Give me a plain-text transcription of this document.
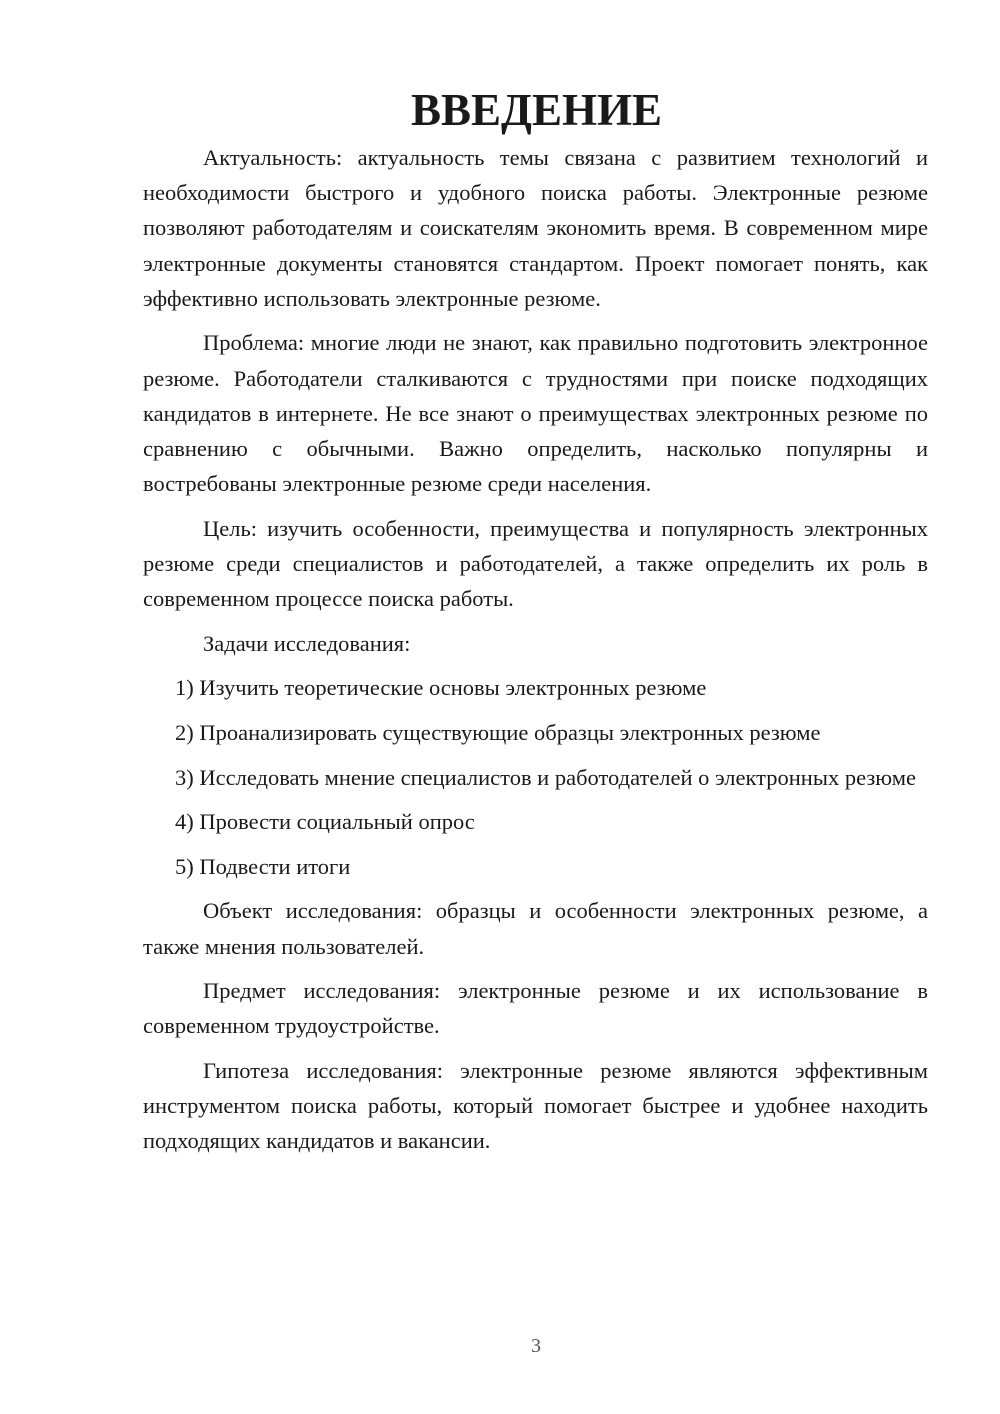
ВВЕДЕНИЕ

Актуальность: актуальность темы связана с развитием технологий и необходимости быстрого и удобного поиска работы. Электронные резюме позволяют работодателям и соискателям экономить время. В современном мире электронные документы становятся стандартом. Проект помогает понять, как эффективно использовать электронные резюме.

Проблема: многие люди не знают, как правильно подготовить электронное резюме. Работодатели сталкиваются с трудностями при поиске подходящих кандидатов в интернете. Не все знают о преимуществах электронных резюме по сравнению с обычными. Важно определить, насколько популярны и востребованы электронные резюме среди населения.

Цель: изучить особенности, преимущества и популярность электронных резюме среди специалистов и работодателей, а также определить их роль в современном процессе поиска работы.

Задачи исследования:

1) Изучить теоретические основы электронных резюме

2) Проанализировать существующие образцы электронных резюме

3) Исследовать мнение специалистов и работодателей о электронных резюме

4) Провести социальный опрос

5) Подвести итоги

Объект исследования: образцы и особенности электронных резюме, а также мнения пользователей.

Предмет исследования: электронные резюме и их использование в современном трудоустройстве.

Гипотеза исследования: электронные резюме являются эффективным инструментом поиска работы, который помогает быстрее и удобнее находить подходящих кандидатов и вакансии.

3
